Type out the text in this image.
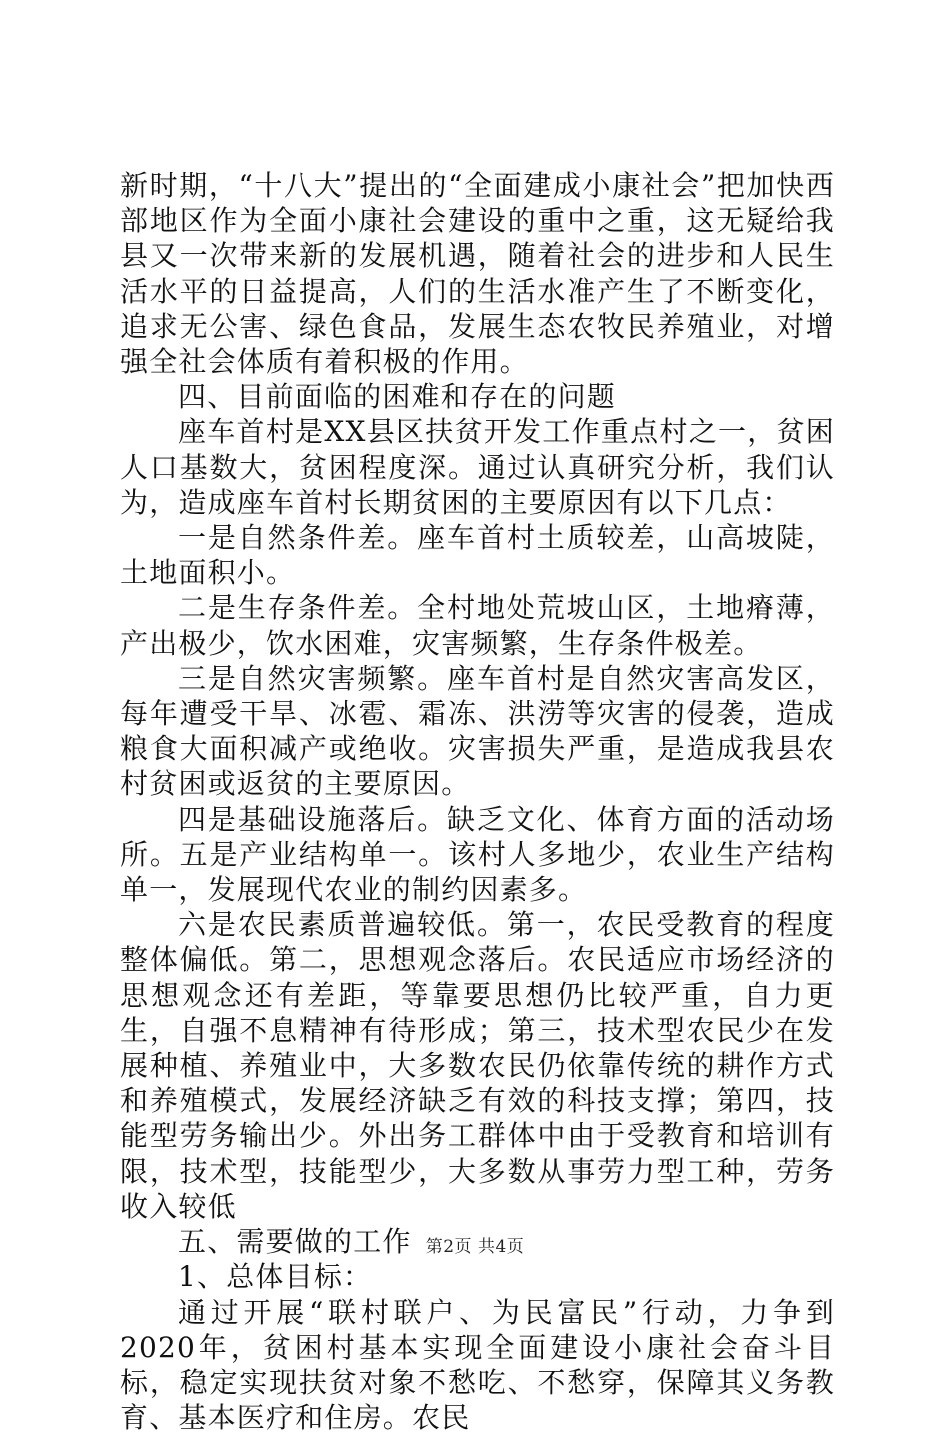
新时期，“十八大”提出的“全面建成小康社会”把加快西部地区作为全面小康社会建设的重中之重，这无疑给我县又一次带来新的发展机遇，随着社会的进步和人民生活水平的日益提高，人们的生活水准产生了不断变化，追求无公害、绿色食品，发展生态农牧民养殖业，对增强全社会体质有着积极的作用。

四、目前面临的困难和存在的问题

座车首村是XX县区扶贫开发工作重点村之一，贫困人口基数大，贫困程度深。通过认真研究分析，我们认为，造成座车首村长期贫困的主要原因有以下几点：

一是自然条件差。座车首村土质较差，山高坡陡，土地面积小。

二是生存条件差。全村地处荒坡山区，土地瘠薄，产出极少，饮水困难，灾害频繁，生存条件极差。

三是自然灾害频繁。座车首村是自然灾害高发区，每年遭受干旱、冰雹、霜冻、洪涝等灾害的侵袭，造成粮食大面积减产或绝收。灾害损失严重，是造成我县农村贫困或返贫的主要原因。

四是基础设施落后。缺乏文化、体育方面的活动场所。五是产业结构单一。该村人多地少，农业生产结构单一，发展现代农业的制约因素多。

六是农民素质普遍较低。第一，农民受教育的程度整体偏低。第二，思想观念落后。农民适应市场经济的思想观念还有差距，等靠要思想仍比较严重，自力更生，自强不息精神有待形成；第三，技术型农民少在发展种植、养殖业中，大多数农民仍依靠传统的耕作方式和养殖模式，发展经济缺乏有效的科技支撑；第四，技能型劳务输出少。外出务工群体中由于受教育和培训有限，技术型，技能型少，大多数从事劳力型工种，劳务收入较低

五、需要做的工作

1、总体目标：

通过开展“联村联户、为民富民”行动，力争到2020年，贫困村基本实现全面建设小康社会奋斗目标，稳定实现扶贫对象不愁吃、不愁穿，保障其义务教育、基本医疗和住房。农民

第2页 共4页
